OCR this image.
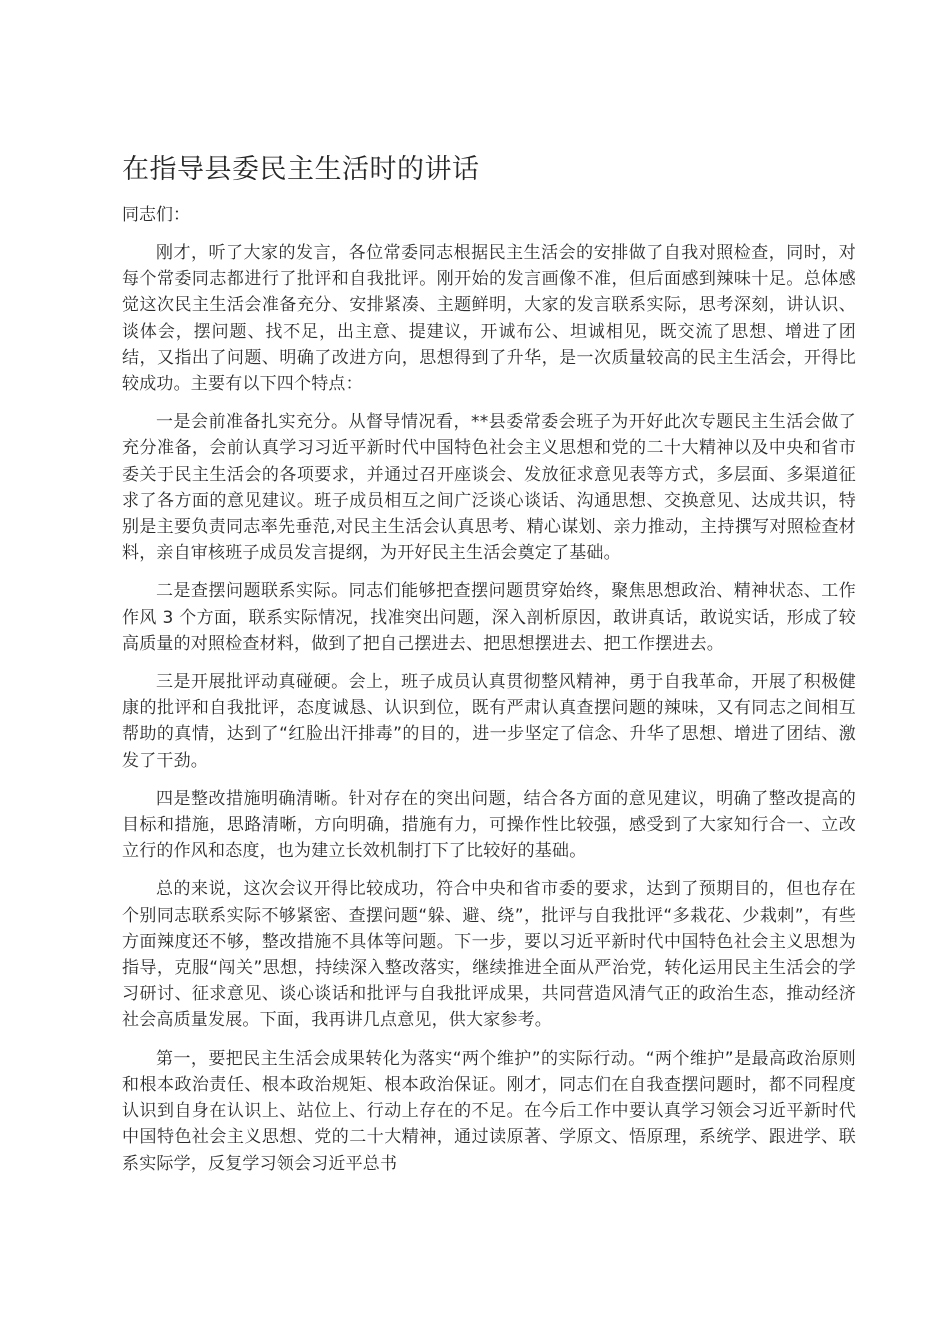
在指导县委民主生活时的讲话

同志们：

刚才，听了大家的发言，各位常委同志根据民主生活会的安排做了自我对照检查，同时，对每个常委同志都进行了批评和自我批评。刚开始的发言画像不准，但后面感到辣味十足。总体感觉这次民主生活会准备充分、安排紧凑、主题鲜明，大家的发言联系实际，思考深刻，讲认识、谈体会，摆问题、找不足，出主意、提建议，开诚布公、坦诚相见，既交流了思想、增进了团结，又指出了问题、明确了改进方向，思想得到了升华，是一次质量较高的民主生活会，开得比较成功。主要有以下四个特点：

一是会前准备扎实充分。从督导情况看，**县委常委会班子为开好此次专题民主生活会做了充分准备，会前认真学习习近平新时代中国特色社会主义思想和党的二十大精神以及中央和省市委关于民主生活会的各项要求，并通过召开座谈会、发放征求意见表等方式，多层面、多渠道征求了各方面的意见建议。班子成员相互之间广泛谈心谈话、沟通思想、交换意见、达成共识，特别是主要负责同志率先垂范,对民主生活会认真思考、精心谋划、亲力推动，主持撰写对照检查材料，亲自审核班子成员发言提纲，为开好民主生活会奠定了基础。

二是查摆问题联系实际。同志们能够把查摆问题贯穿始终，聚焦思想政治、精神状态、工作作风 3 个方面，联系实际情况，找准突出问题，深入剖析原因，敢讲真话，敢说实话，形成了较高质量的对照检查材料，做到了把自己摆进去、把思想摆进去、把工作摆进去。

三是开展批评动真碰硬。会上，班子成员认真贯彻整风精神，勇于自我革命，开展了积极健康的批评和自我批评，态度诚恳、认识到位，既有严肃认真查摆问题的辣味，又有同志之间相互帮助的真情，达到了“红脸出汗排毒”的目的，进一步坚定了信念、升华了思想、增进了团结、激发了干劲。

四是整改措施明确清晰。针对存在的突出问题，结合各方面的意见建议，明确了整改提高的目标和措施，思路清晰，方向明确，措施有力，可操作性比较强，感受到了大家知行合一、立改立行的作风和态度，也为建立长效机制打下了比较好的基础。

总的来说，这次会议开得比较成功，符合中央和省市委的要求，达到了预期目的，但也存在个别同志联系实际不够紧密、查摆问题“躲、避、绕”，批评与自我批评“多栽花、少栽刺”，有些方面辣度还不够，整改措施不具体等问题。下一步，要以习近平新时代中国特色社会主义思想为指导，克服“闯关”思想，持续深入整改落实，继续推进全面从严治党，转化运用民主生活会的学习研讨、征求意见、谈心谈话和批评与自我批评成果，共同营造风清气正的政治生态，推动经济社会高质量发展。下面，我再讲几点意见，供大家参考。

第一，要把民主生活会成果转化为落实“两个维护”的实际行动。“两个维护”是最高政治原则和根本政治责任、根本政治规矩、根本政治保证。刚才，同志们在自我查摆问题时，都不同程度认识到自身在认识上、站位上、行动上存在的不足。在今后工作中要认真学习领会习近平新时代中国特色社会主义思想、党的二十大精神，通过读原著、学原文、悟原理，系统学、跟进学、联系实际学，反复学习领会习近平总书
